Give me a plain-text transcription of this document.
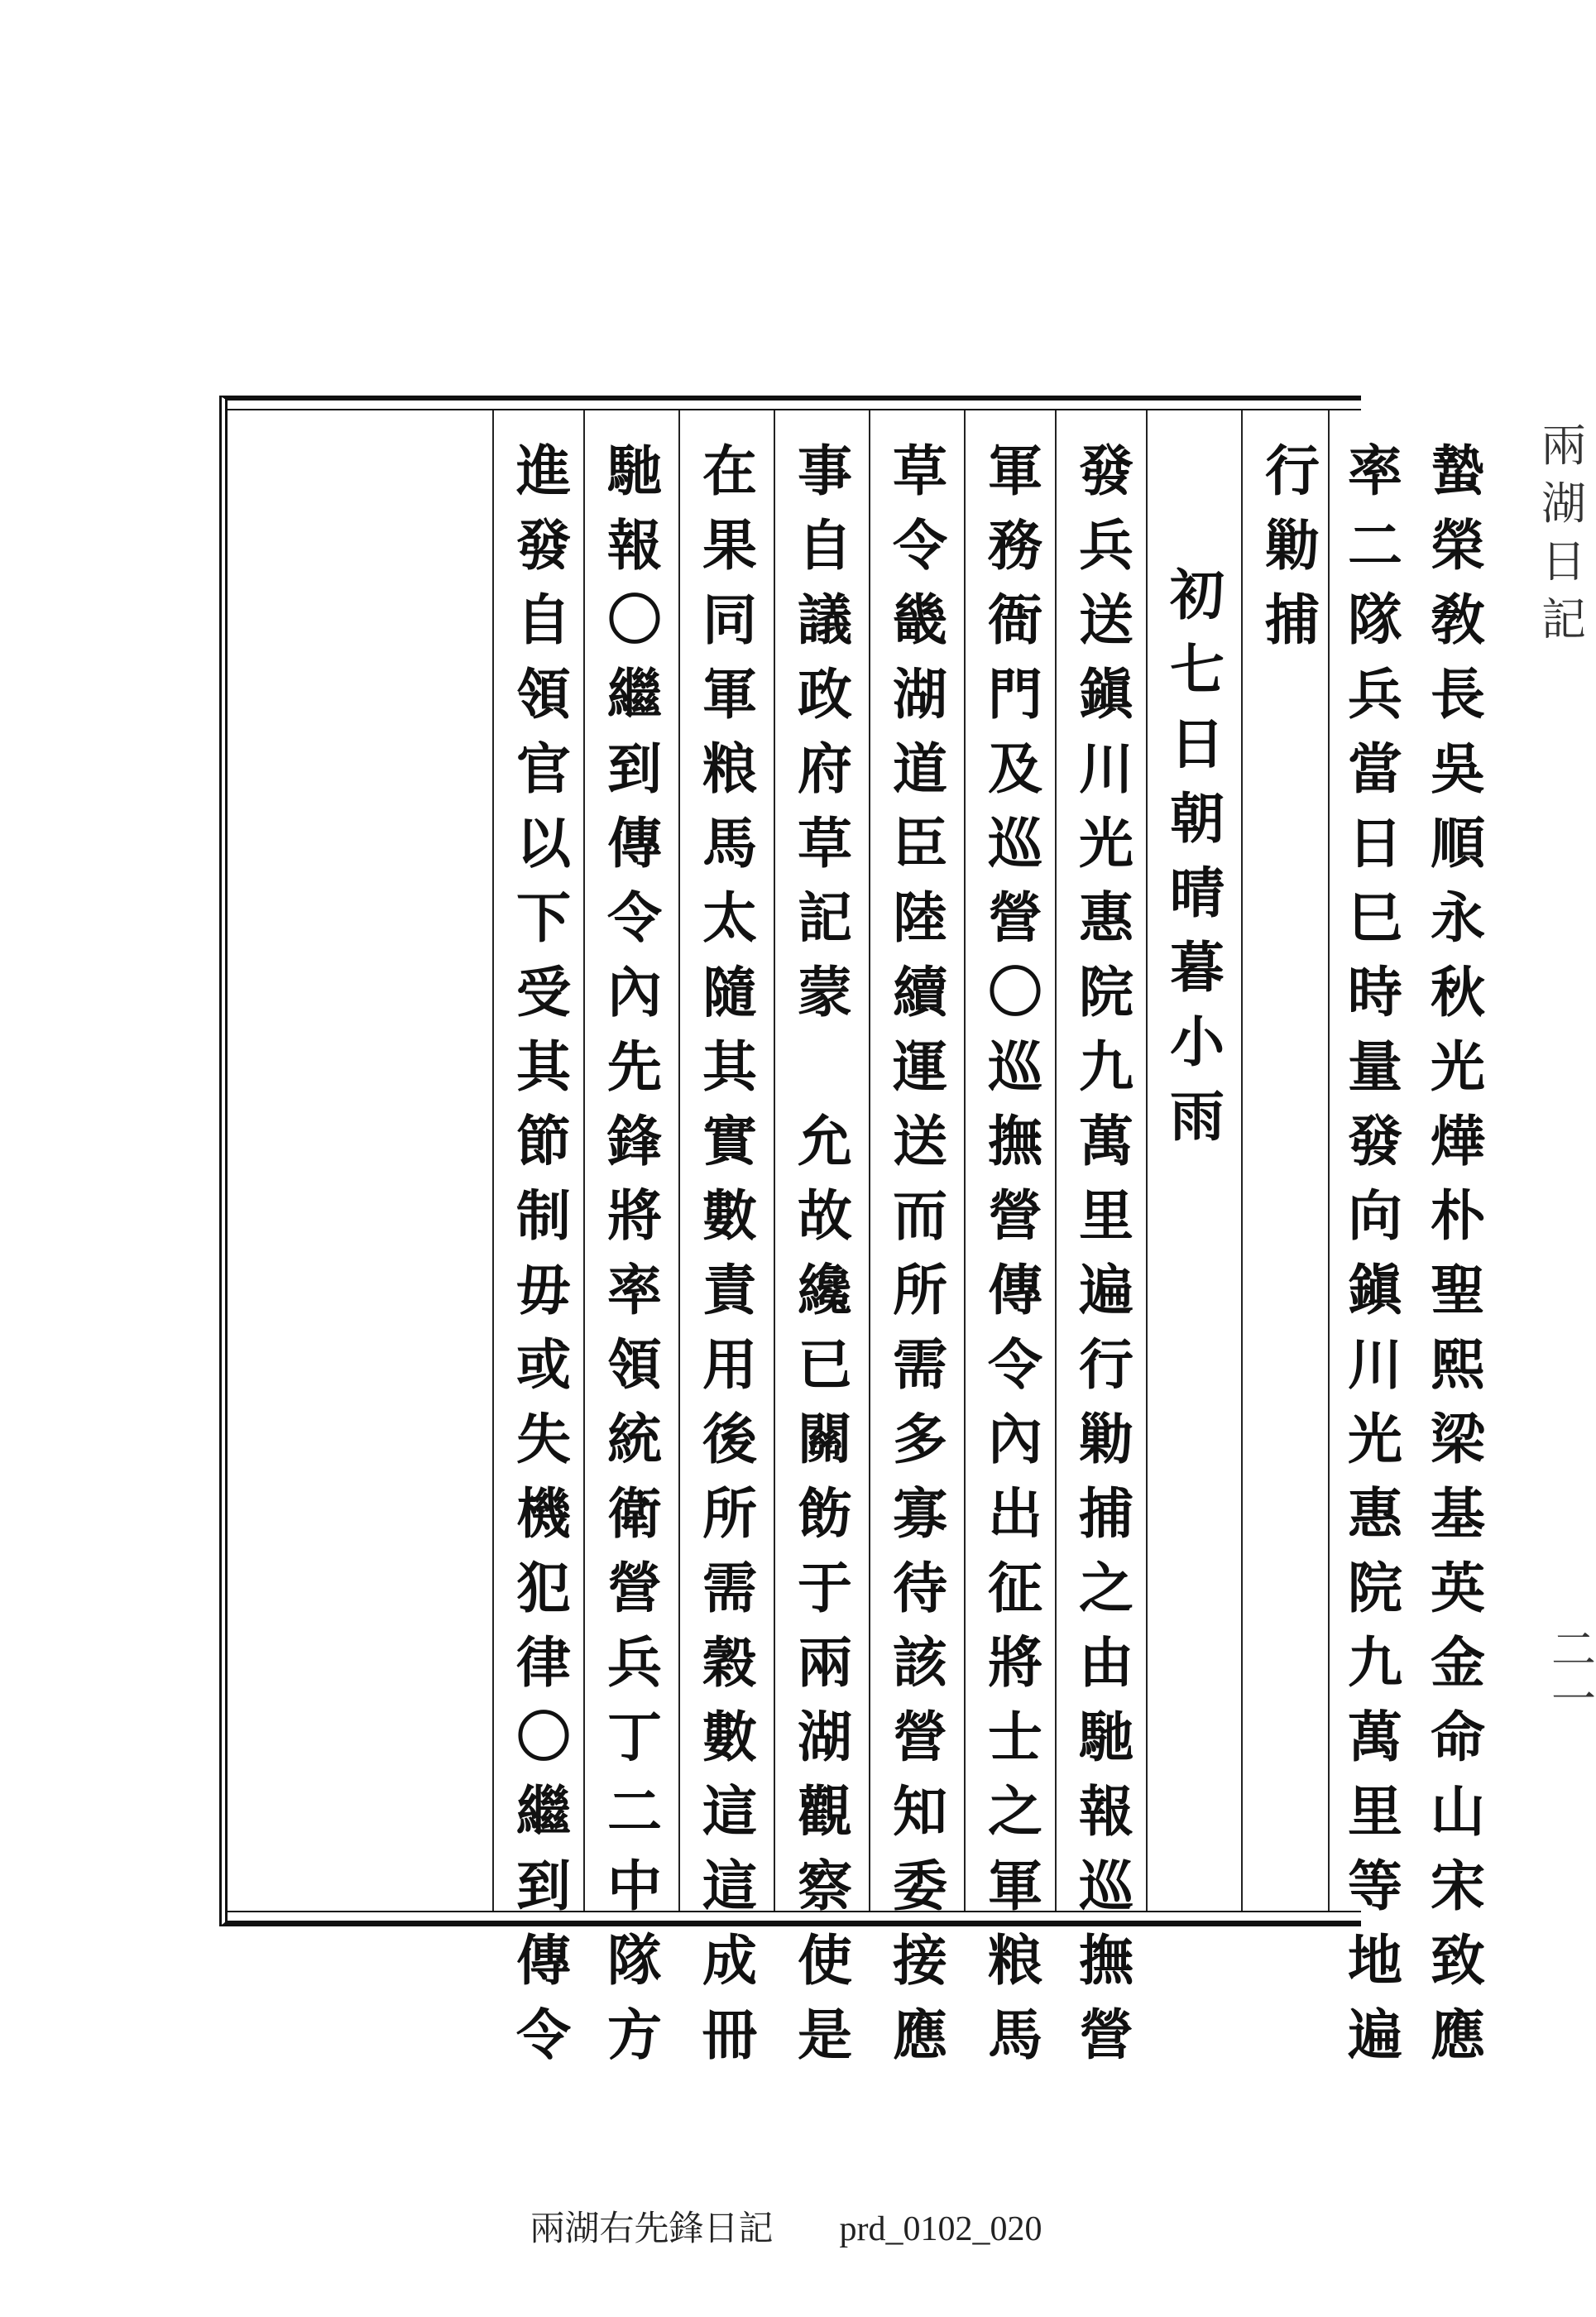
蟄
榮
敎
長
吳
順
永
秋
光
燁
朴
聖
熙
梁
基
英
金
命
山
宋
致
應
率
二
隊
兵
當
日
巳
時
量
發
向
鎭
川
光
惠
院
九
萬
里
等
地
遍
行
勦
捕
初
七
日
朝
晴
暮
小
雨
發
兵
送
鎭
川
光
惠
院
九
萬
里
遍
行
勦
捕
之
由
馳
報
巡
撫
營
軍
務
衙
門
及
巡
營
〇
巡
撫
營
傳
令
內
出
征
將
士
之
軍
粮
馬
草
令
畿
湖
道
臣
陸
續
運
送
而
所
需
多
寡
待
該
營
知
委
接
應
事
自
議
政
府
草
記
蒙
允
故
纔
已
關
飭
于
兩
湖
觀
察
使
是
在
果
同
軍
粮
馬
太
隨
其
實
數
責
用
後
所
需
穀
數
這
這
成
冊
馳
報
〇
繼
到
傳
令
內
先
鋒
將
率
領
統
衛
營
兵
丁
二
中
隊
方
進
發
自
領
官
以
下
受
其
節
制
毋
或
失
機
犯
律
〇
繼
到
傳
令
兩
湖
日
記
二
一
兩湖右先鋒日記 prd_0102_020
